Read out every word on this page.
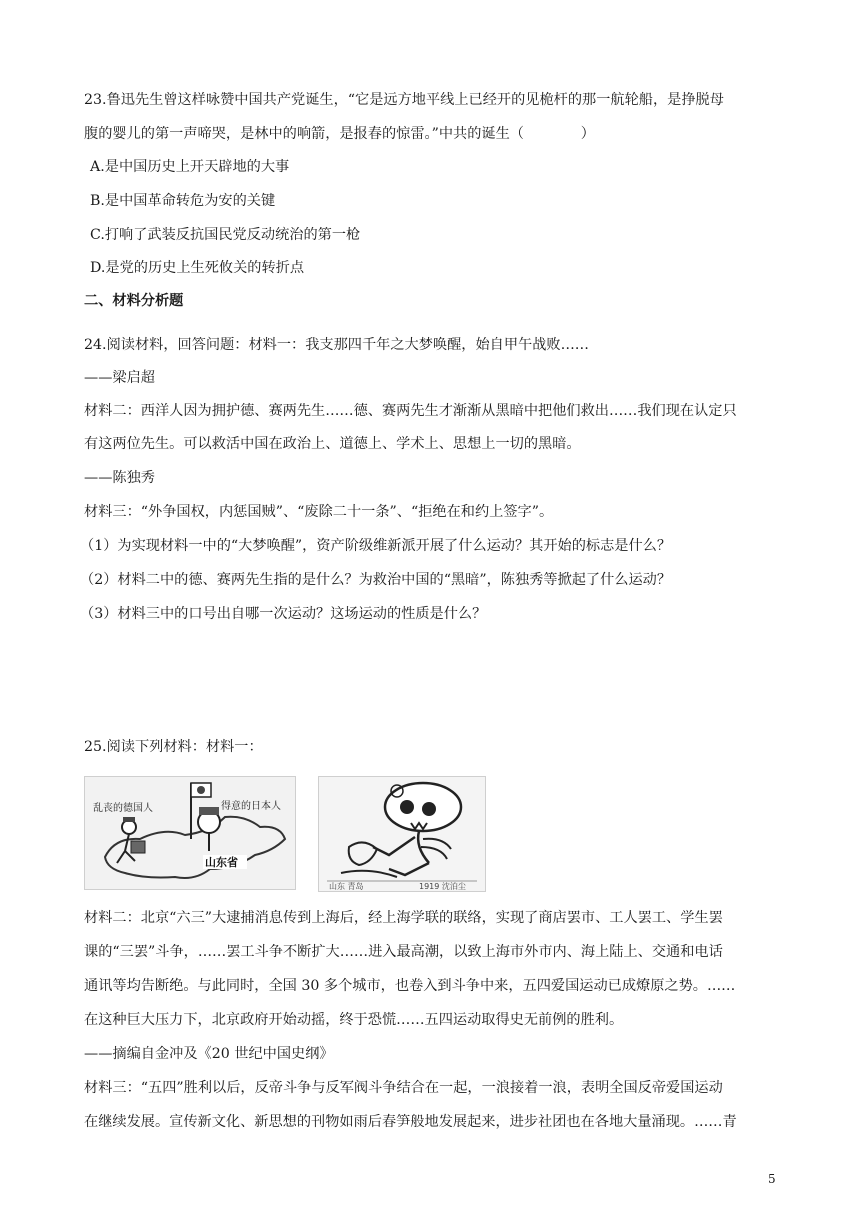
23.鲁迅先生曾这样咏赞中国共产党诞生，“它是远方地平线上已经开的见桅杆的那一航轮船，是挣脱母
腹的婴儿的第一声啼哭，是林中的响箭，是报春的惊雷。”中共的诞生（　　　　）
A.是中国历史上开天辟地的大事
B.是中国革命转危为安的关键
C.打响了武装反抗国民党反动统治的第一枪
D.是党的历史上生死攸关的转折点
二、材料分析题
24.阅读材料，回答问题：材料一：我支那四千年之大梦唤醒，始自甲午战败……
——梁启超
材料二：西洋人因为拥护德、赛两先生……德、赛两先生才渐渐从黑暗中把他们救出……我们现在认定只
有这两位先生。可以救活中国在政治上、道德上、学术上、思想上一切的黑暗。
——陈独秀
材料三：“外争国权，内惩国贼”、“废除二十一条”、“拒绝在和约上签字”。
（1）为实现材料一中的“大梦唤醒”，资产阶级维新派开展了什么运动？其开始的标志是什么？
（2）材料二中的德、赛两先生指的是什么？为救治中国的“黑暗”，陈独秀等掀起了什么运动？
（3）材料三中的口号出自哪一次运动？这场运动的性质是什么？
25.阅读下列材料：材料一：
乱丧的德国人	得意的日本人
山东省
山东 青岛	1919 沈泊尘
材料二：北京“六三”大逮捕消息传到上海后，经上海学联的联络，实现了商店罢市、工人罢工、学生罢
课的“三罢”斗争，……罢工斗争不断扩大……进入最高潮，以致上海市外市内、海上陆上、交通和电话
通讯等均告断绝。与此同时，全国 30 多个城市，也卷入到斗争中来，五四爱国运动已成燎原之势。……
在这种巨大压力下，北京政府开始动摇，终于恐慌……五四运动取得史无前例的胜利。
——摘编自金冲及《20 世纪中国史纲》
材料三：“五四”胜利以后，反帝斗争与反军阀斗争结合在一起，一浪接着一浪，表明全国反帝爱国运动
在继续发展。宣传新文化、新思想的刊物如雨后春笋般地发展起来，进步社团也在各地大量涌现。……青
5
